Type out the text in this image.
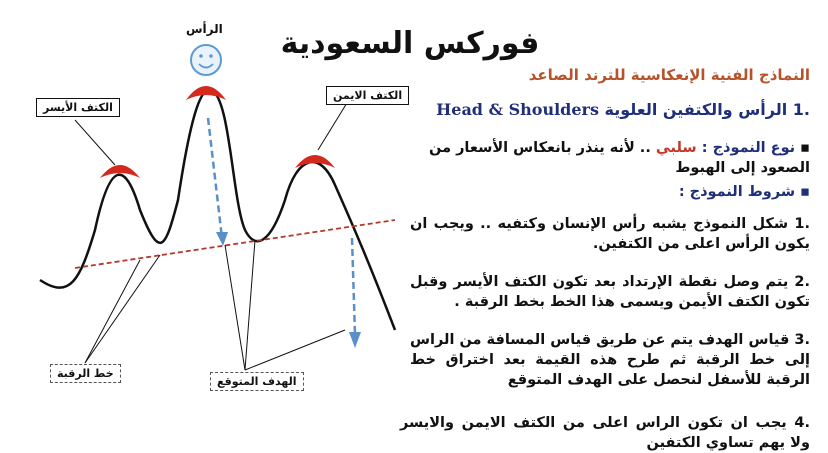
الرأس
الكتف الأيسر
الكتف الايمن
خط الرقبة
الهدف المتوقع
فوركس السعودية
النماذج الفنية الإنعكاسية للترند الصاعد
.1 الرأس والكتفين العلوية Head & Shoulders
▪ نوع النموذج : سلبي .. لأنه ينذر بانعكاس الأسعار من الصعود إلى الهبوط
▪ شروط النموذج :
.1 شكل النموذج يشبه رأس الإنسان وكتفيه .. ويجب ان يكون الرأس اعلى من الكتفين.
.2 يتم وصل نقطة الإرتداد بعد تكون الكتف الأيسر وقبل تكون الكتف الأيمن ويسمى هذا الخط بخط الرقبة .
.3 قياس الهدف يتم عن طريق قياس المسافة من الراس إلى خط الرقبة ثم طرح هذه القيمة بعد اختراق خط الرقبة للأسفل لنحصل على الهدف المتوقع
.4 يجب ان تكون الراس اعلى من الكتف الايمن والايسر ولا يهم تساوي الكتفين
